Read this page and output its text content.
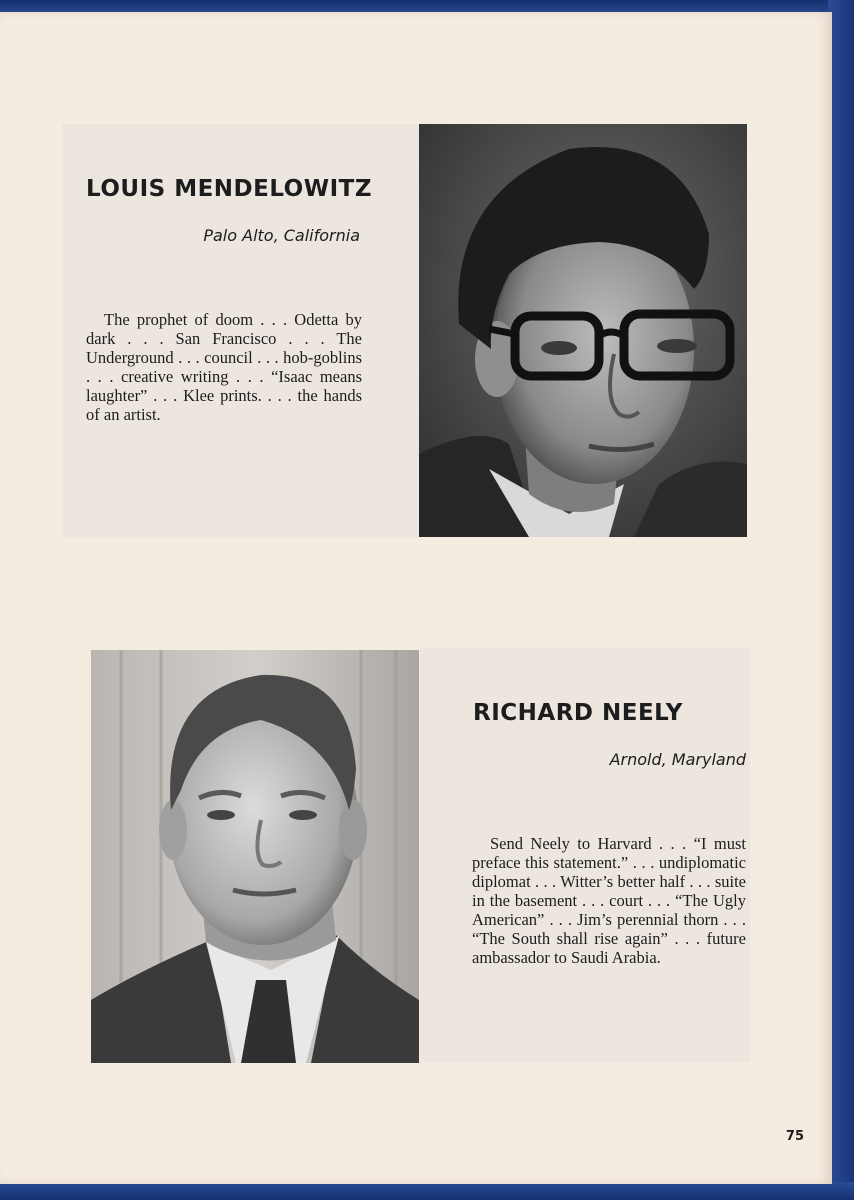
LOUIS MENDELOWITZ
Palo Alto, California
The prophet of doom . . . Odetta by dark . . . San Francisco . . . The Underground . . . council . . . hob-goblins . . . creative writing . . . “Isaac means laughter” . . . Klee prints. . . . the hands of an artist.
RICHARD NEELY
Arnold, Maryland
Send Neely to Harvard . . . “I must preface this statement.” . . . undiplomatic diplomat . . . Witter’s better half . . . suite in the basement . . . court . . . “The Ugly American” . . . Jim’s perennial thorn . . . “The South shall rise again” . . . future ambassador to Saudi Arabia.
75
